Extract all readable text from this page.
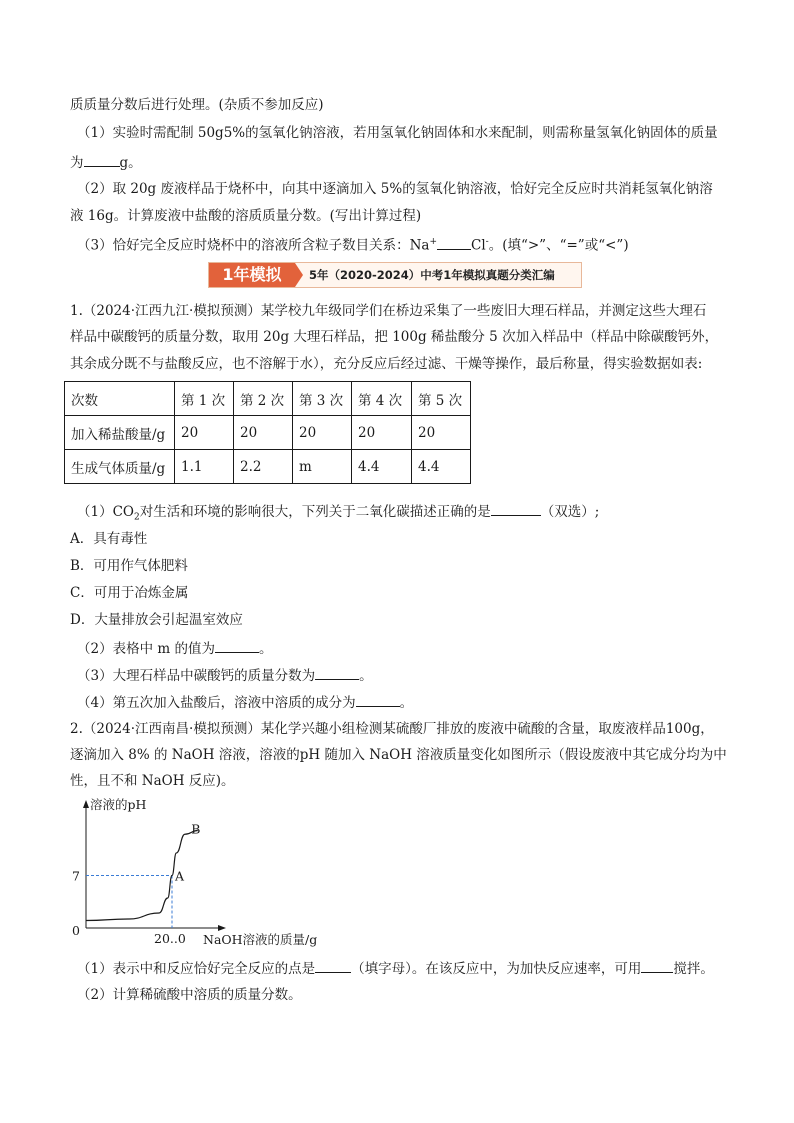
质质量分数后进行处理。(杂质不参加反应)
（1）实验时需配制 50g5%的氢氧化钠溶液，若用氢氧化钠固体和水来配制，则需称量氢氧化钠固体的质量
为	g。
（2）取 20g 废液样品于烧杯中，向其中逐滴加入 5%的氢氧化钠溶液，恰好完全反应时共消耗氢氧化钠溶
液 16g。计算废液中盐酸的溶质质量分数。(写出计算过程)
（3）恰好完全反应时烧杯中的溶液所含粒子数目关系：Na+	Cl-。(填“>”、“=”或“<”)
1年模拟	5年（2020-2024）中考1年模拟真题分类汇编
1.（2024·江西九江·模拟预测）某学校九年级同学们在桥边采集了一些废旧大理石样品，并测定这些大理石
样品中碳酸钙的质量分数，取用 20g 大理石样品，把 100g 稀盐酸分 5 次加入样品中（样品中除碳酸钙外，
其余成分既不与盐酸反应，也不溶解于水），充分反应后经过滤、干燥等操作，最后称量，得实验数据如表:
次数	第 1 次	第 2 次	第 3 次	第 4 次	第 5 次
加入稀盐酸量/g	20	20	20	20	20
生成气体质量/g	1.1	2.2	m	4.4	4.4
$(1)CO_2$对生活和环境的影响很大，下列关于二氧化碳描述正确的是	（双选）;
A．具有毒性
B．可用作气体肥料
C．可用于冶炼金属
D．大量排放会引起温室效应
（2）表格中 m 的值为	。
（3）大理石样品中碳酸钙的质量分数为	。
（4）第五次加入盐酸后，溶液中溶质的成分为	。
2.（2024·江西南昌·模拟预测）某化学兴趣小组检测某硫酸厂排放的废液中硫酸的含量，取废液样品100g，
逐滴加入 8% 的 NaOH 溶液，溶液的pH 随加入 NaOH 溶液质量变化如图所示（假设废液中其它成分均为中
性，且不和 NaOH 反应)。
溶液的pH
NaOH溶液的质量/g
0
7
20..0
A
B
（1）表示中和反应恰好完全反应的点是	（填字母）。在该反应中，为加快反应速率，可用 搅拌。
（2）计算稀硫酸中溶质的质量分数。
